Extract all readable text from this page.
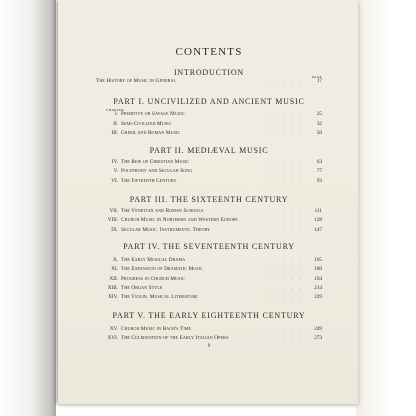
CONTENTS
INTRODUCTION	PAGE
The History of Music in General	. . . . .	17
PART I. UNCIVILIZED AND ANCIENT MUSIC
CHAPTER
I. Primitive or Savage Music	. . . . .	25
II. Semi-Civilized Music	. . . . .	32
III. Greek and Roman Music	. . . . .	50
PART II. MEDIÆVAL MUSIC
IV. The Rise of Christian Music	. . . . .	63
V. Polyphony and Secular Song	. . . . .	77
VI. The Fifteenth Century	. . . . .	93
PART III. THE SIXTEENTH CENTURY
VII. The Venetian and Roman Schools	. . . . .	111
VIII. Church Music in Northern and Western Europe	. . . . .	128
IX. Secular Music. Instruments. Theory	. . . . .	147
PART IV. THE SEVENTEENTH CENTURY
X. The Early Musical Drama	. . . . .	165
XI. The Expansion of Dramatic Music	. . . . .	180
XII. Progress in Church Music	. . . . .	194
XIII. The Organ Style	. . . . .	214
XIV. The Violin. Musical Literature	. . . . .	229
PART V. THE EARLY EIGHTEENTH CENTURY
XV. Church Music in Bach's Time	. . . . .	249
XVI. The Culmination of the Early Italian Opera	. . . . .	273
9
